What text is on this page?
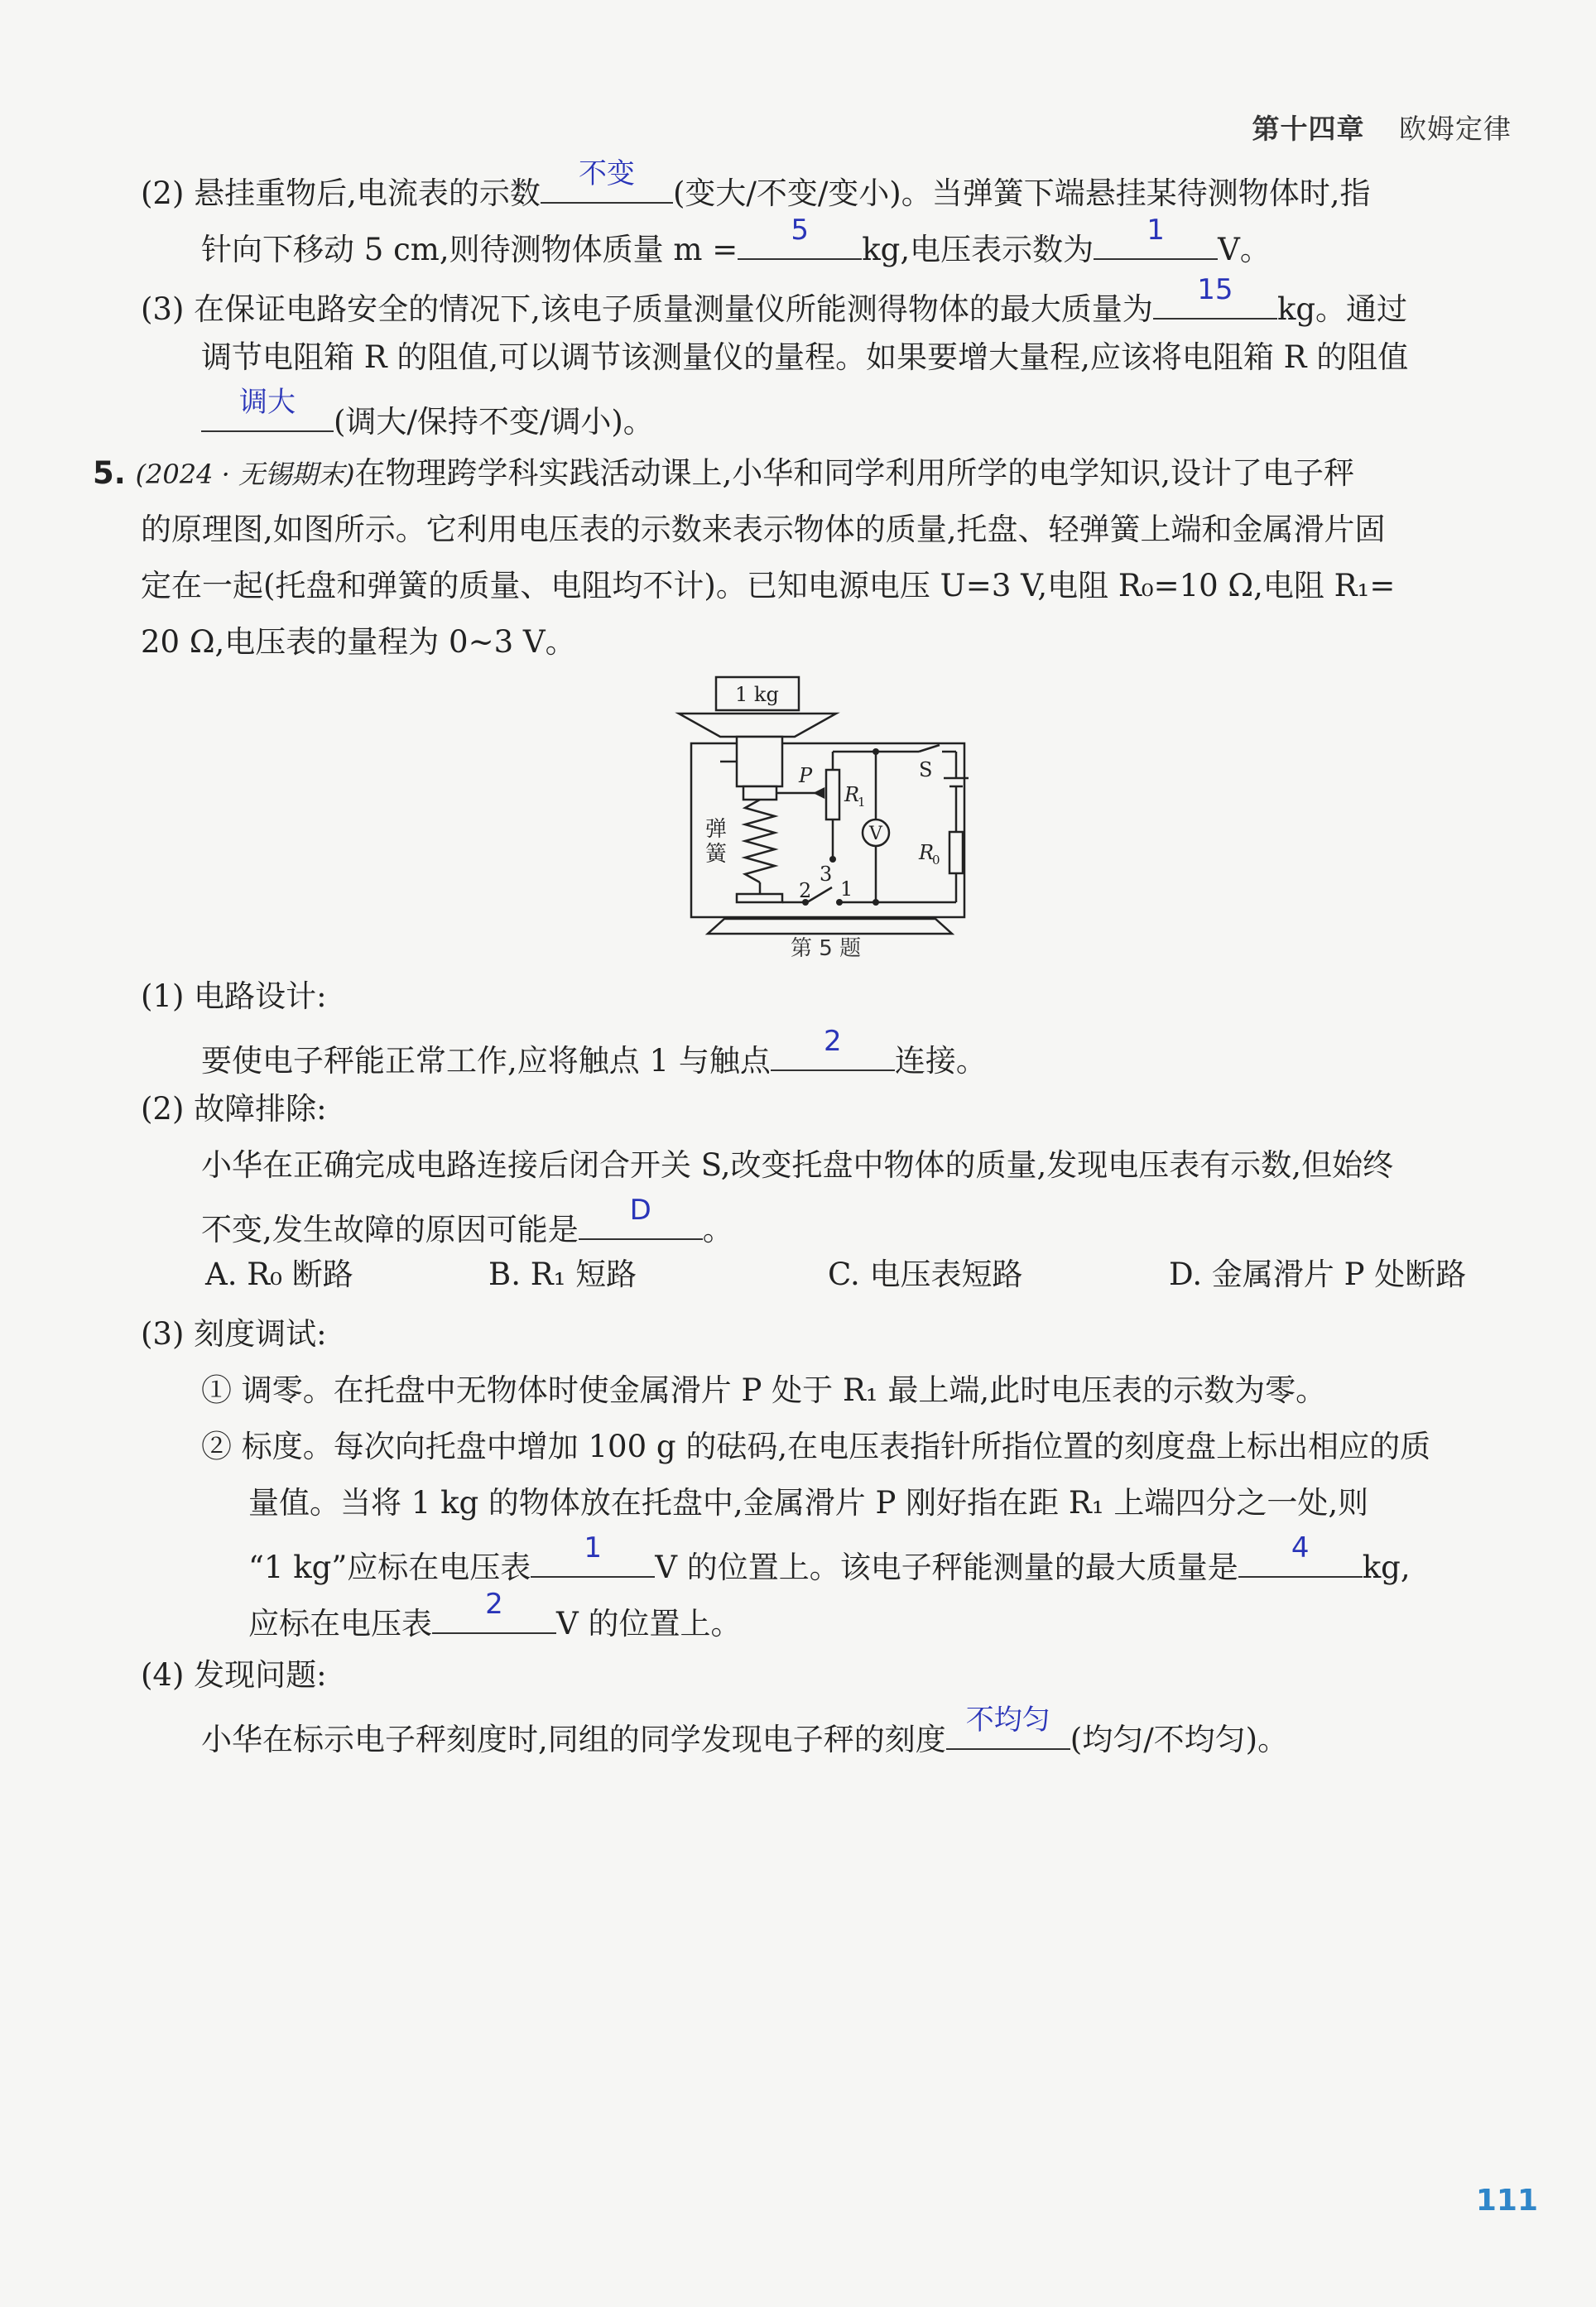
第十四章 欧姆定律
(2) 悬挂重物后,电流表的示数
不变
(变大/不变/变小)。当弹簧下端悬挂某待测物体时,指
针向下移动 5 cm,则待测物体质量 m =
5
kg,电压表示数为
1
V。
(3) 在保证电路安全的情况下,该电子质量测量仪所能测得物体的最大质量为
15
kg。通过
调节电阻箱 R 的阻值,可以调节该测量仪的量程。如果要增大量程,应该将电阻箱 R 的阻值
调大
(调大/保持不变/调小)。
5. (2024 · 无锡期末)在物理跨学科实践活动课上,小华和同学利用所学的电学知识,设计了电子秤
的原理图,如图所示。它利用电压表的示数来表示物体的质量,托盘、轻弹簧上端和金属滑片固
定在一起(托盘和弹簧的质量、电阻均不计)。已知电源电压 U=3 V,电阻 R₀=10 Ω,电阻 R₁=
20 Ω,电压表的量程为 0~3 V。
1 kg
弹
簧
P
R
1
V
S
R
0
3
2 1
第 5 题
(1) 电路设计:
要使电子秤能正常工作,应将触点 1 与触点
2
连接。
(2) 故障排除:
小华在正确完成电路连接后闭合开关 S,改变托盘中物体的质量,发现电压表有示数,但始终
不变,发生故障的原因可能是
D
。
A. R₀ 断路	B. R₁ 短路	C. 电压表短路	D. 金属滑片 P 处断路
(3) 刻度调试:
① 调零。在托盘中无物体时使金属滑片 P 处于 R₁ 最上端,此时电压表的示数为零。
② 标度。每次向托盘中增加 100 g 的砝码,在电压表指针所指位置的刻度盘上标出相应的质
量值。当将 1 kg 的物体放在托盘中,金属滑片 P 刚好指在距 R₁ 上端四分之一处,则
“1 kg”应标在电压表
1
V 的位置上。该电子秤能测量的最大质量是
4
kg,
应标在电压表
2
V 的位置上。
(4) 发现问题:
小华在标示电子秤刻度时,同组的同学发现电子秤的刻度
不均匀
(均匀/不均匀)。
111
